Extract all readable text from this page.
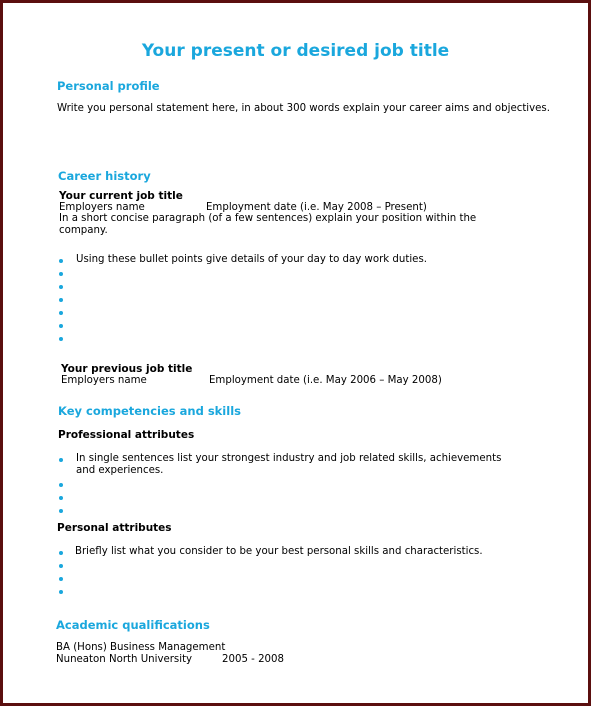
Your present or desired job title
Personal profile
Write you personal statement here, in about 300 words explain your career aims and objectives.
Career history
Your current job title
Employers name	Employment date (i.e. May 2008 – Present)
In a short concise paragraph (of a few sentences) explain your position within the
company.
Using these bullet points give details of your day to day work duties.
Your previous job title
Employers name	Employment date (i.e. May 2006 – May 2008)
Key competencies and skills
Professional attributes
In single sentences list your strongest industry and job related skills, achievements
and experiences.
Personal attributes
Briefly list what you consider to be your best personal skills and characteristics.
Academic qualifications
BA (Hons) Business Management
Nuneaton North University	2005 - 2008
